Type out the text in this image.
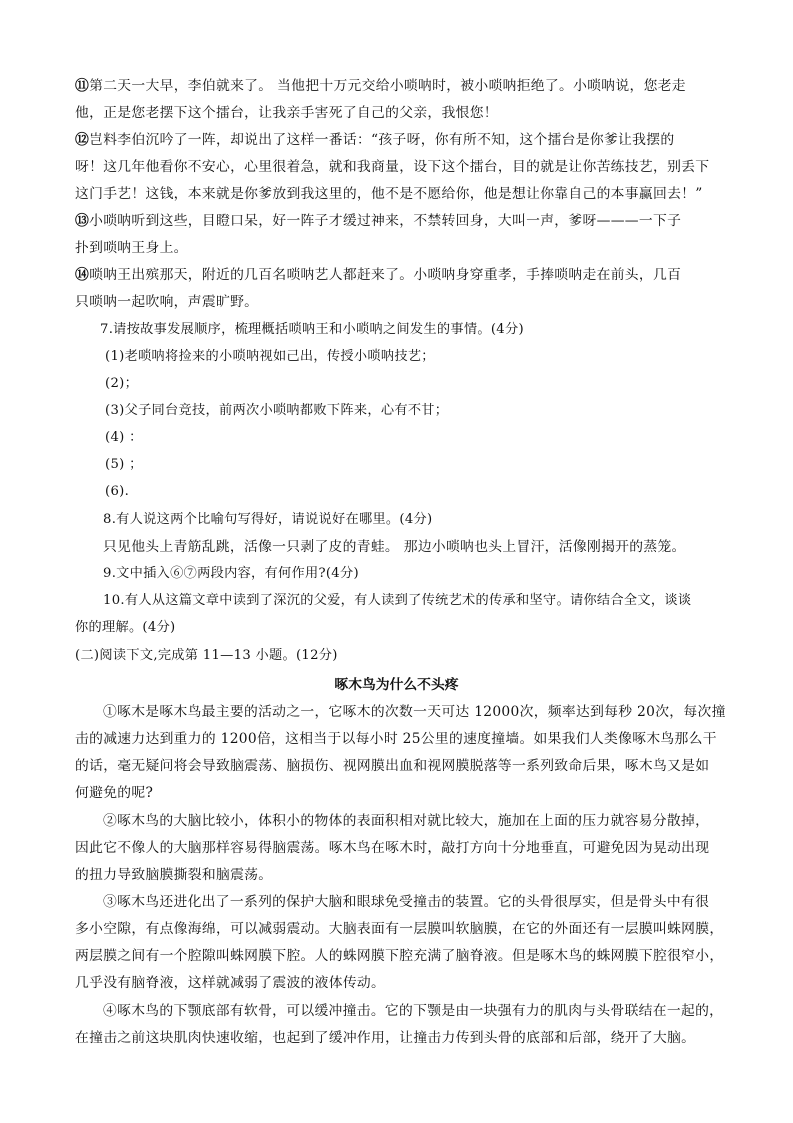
⑪第二天一大早，李伯就来了。 当他把十万元交给小唢呐时，被小唢呐拒绝了。小唢呐说，您老走
他，正是您老摆下这个擂台，让我亲手害死了自己的父亲，我恨您！
⑫岂料李伯沉吟了一阵，却说出了这样一番话：“孩子呀，你有所不知，这个擂台是你爹让我摆的
呀！这几年他看你不安心，心里很着急，就和我商量，设下这个擂台，目的就是让你苦练技艺，别丢下
这门手艺！这钱，本来就是你爹放到我这里的，他不是不愿给你，他是想让你靠自己的本事赢回去！”
⑬小唢呐听到这些，目瞪口呆，好一阵子才缓过神来，不禁转回身，大叫一声，爹呀———一下子
扑到唢呐王身上。
⑭唢呐王出殡那天，附近的几百名唢呐艺人都赶来了。小唢呐身穿重孝，手捧唢呐走在前头，几百
只唢呐一起吹响，声震旷野。
7.请按故事发展顺序，梳理概括唢呐王和小唢呐之间发生的事情。(4分)
(1)老唢呐将捡来的小唢呐视如己出，传授小唢呐技艺；
(2)；
(3)父子同台竞技，前两次小唢呐都败下阵来，心有不甘；
(4) ：
(5) ；
(6).
8.有人说这两个比喻句写得好，请说说好在哪里。(4分)
只见他头上青筋乱跳，活像一只剥了皮的青蛙。 那边小唢呐也头上冒汗，活像刚揭开的蒸笼。
9.文中插入⑥⑦两段内容，有何作用?(4分)
10.有人从这篇文章中读到了深沉的父爱，有人读到了传统艺术的传承和坚守。请你结合全文，谈谈
你的理解。(4分)
(二)阅读下文,完成第 11—13 小题。(12分)
啄木鸟为什么不头疼
①啄木是啄木鸟最主要的活动之一，它啄木的次数一天可达 12000次，频率达到每秒 20次，每次撞
击的减速力达到重力的 1200倍，这相当于以每小时 25公里的速度撞墙。如果我们人类像啄木鸟那么干
的话，毫无疑问将会导致脑震荡、脑损伤、视网膜出血和视网膜脱落等一系列致命后果，啄木鸟又是如
何避免的呢?
②啄木鸟的大脑比较小，体积小的物体的表面积相对就比较大，施加在上面的压力就容易分散掉，
因此它不像人的大脑那样容易得脑震荡。啄木鸟在啄木时，敲打方向十分地垂直，可避免因为晃动出现
的扭力导致脑膜撕裂和脑震荡。
③啄木鸟还进化出了一系列的保护大脑和眼球免受撞击的装置。它的头骨很厚实，但是骨头中有很
多小空隙，有点像海绵，可以减弱震动。大脑表面有一层膜叫软脑膜，在它的外面还有一层膜叫蛛网膜，
两层膜之间有一个腔隙叫蛛网膜下腔。人的蛛网膜下腔充满了脑脊液。但是啄木鸟的蛛网膜下腔很窄小，
几乎没有脑脊液，这样就减弱了震波的液体传动。
④啄木鸟的下颚底部有软骨，可以缓冲撞击。它的下颚是由一块强有力的肌肉与头骨联结在一起的，
在撞击之前这块肌肉快速收缩，也起到了缓冲作用，让撞击力传到头骨的底部和后部，绕开了大脑。
